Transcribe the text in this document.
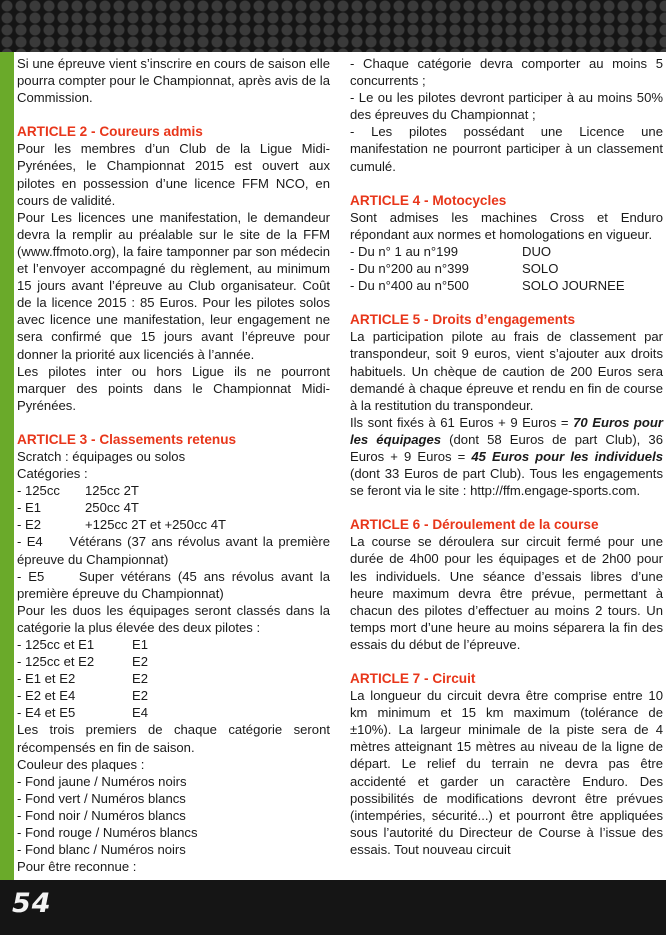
Si une épreuve vient s’inscrire en cours de saison elle pourra compter pour le Championnat, après avis de la Commission.

ARTICLE 2 - Coureurs admis

Pour les membres d’un Club de la Ligue Midi-Pyrénées, le Championnat 2015 est ouvert aux pilotes en possession d’une licence FFM NCO, en cours de validité.

Pour Les licences une manifestation, le demandeur devra la remplir au préalable sur le site de la FFM (www.ffmoto.org), la faire tamponner par son médecin et l’envoyer accompagné du règlement, au minimum 15 jours avant l’épreuve au Club organisateur. Coût de la licence 2015 : 85 Euros. Pour les pilotes solos avec licence une manifestation, leur engagement ne sera confirmé que 15 jours avant l’épreuve pour donner la priorité aux licenciés à l’année.

Les pilotes inter ou hors Ligue ils ne pourront marquer des points dans le Championnat Midi-Pyrénées.

ARTICLE 3 - Classements retenus

Scratch : équipages ou solos

Catégories :

- 125cc	125cc 2T
- E1	250cc 4T
- E2	+125cc 2T et +250cc 4T

- E4     Vétérans (37 ans révolus avant la première épreuve du Championnat)

- E5     Super vétérans (45 ans révolus avant la première épreuve du Championnat)

Pour les duos les équipages seront classés dans la catégorie la plus élevée des deux pilotes :

- 125cc et E1	E1
- 125cc et E2	E2
- E1 et E2	E2
- E2 et E4	E2
- E4 et E5	E4

Les trois premiers de chaque catégorie seront récompensés en fin de saison.

Couleur des plaques :

- Fond jaune / Numéros noirs

- Fond vert / Numéros blancs

- Fond noir / Numéros blancs

- Fond rouge / Numéros blancs

- Fond blanc / Numéros noirs

Pour être reconnue :

- Chaque catégorie devra comporter au moins 5 concurrents ;

- Le ou les pilotes devront participer à au moins 50% des épreuves du Championnat ;

- Les pilotes possédant une Licence une manifestation ne pourront participer à un classement cumulé.

ARTICLE 4 - Motocycles

Sont admises les machines Cross et Enduro répondant aux normes et homologations en vigueur.

- Du n° 1 au n°199	DUO
- Du n°200 au n°399	SOLO
- Du n°400 au n°500	SOLO JOURNEE
ARTICLE 5 - Droits d’engagements

La participation pilote au frais de classement par transpondeur, soit 9 euros, vient s’ajouter aux droits habituels. Un chèque de caution de 200 Euros sera demandé à chaque épreuve et rendu en fin de course à la restitution du transpondeur.

Ils sont fixés à 61 Euros + 9 Euros = 70 Euros pour les équipages (dont 58 Euros de part Club), 36 Euros + 9 Euros = 45 Euros pour les individuels (dont 33 Euros de part Club). Tous les engagements se feront via le site : http://ffm.engage-sports.com.

ARTICLE 6 - Déroulement de la course

La course se déroulera sur circuit fermé pour une durée de 4h00 pour les équipages et de 2h00 pour les individuels. Une séance d’essais libres d’une heure maximum devra être prévue, permettant à chacun des pilotes d’effectuer au moins 2 tours. Un temps mort d’une heure au moins séparera la fin des essais du début de l’épreuve.

ARTICLE 7 - Circuit

La longueur du circuit devra être comprise entre 10 km minimum et 15 km maximum (tolérance de ±10%). La largeur minimale de la piste sera de 4 mètres atteignant 15 mètres au niveau de la ligne de départ. Le relief du terrain ne devra pas être accidenté et garder un caractère Enduro. Des possibilités de modifications devront être prévues (intempéries, sécurité...) et pourront être appliquées sous l’autorité du Directeur de Course à l’issue des essais. Tout nouveau circuit

54
